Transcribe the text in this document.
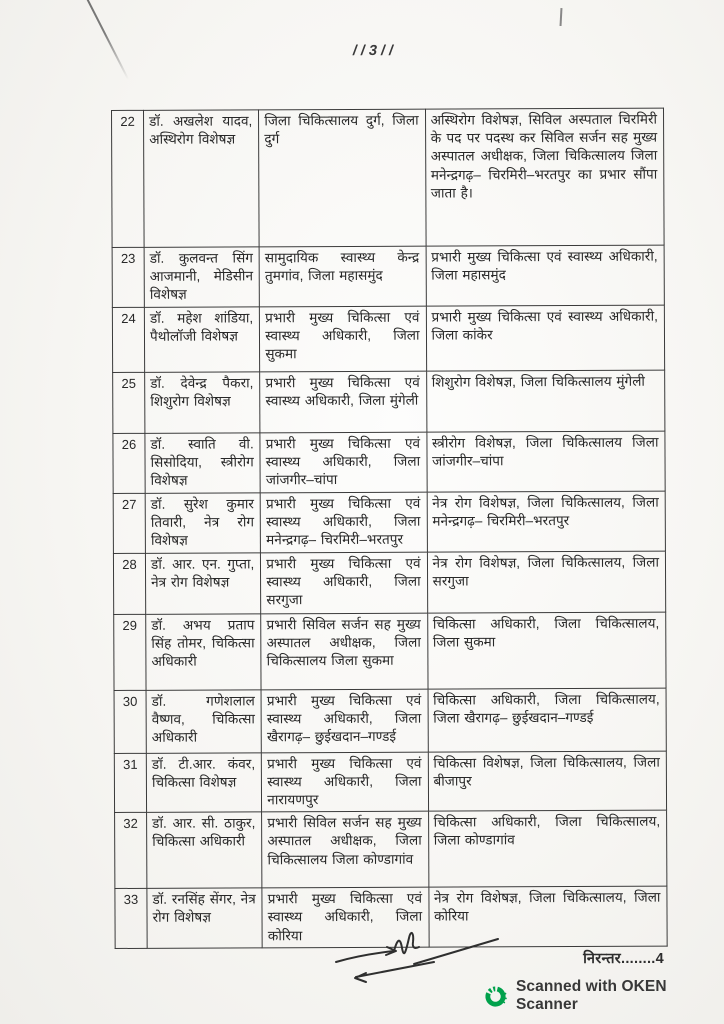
//3//
22	डॉ. अखलेश यादव, अस्थिरोग विशेषज्ञ	जिला चिकित्सालय दुर्ग, जिला दुर्ग	अस्थिरोग विशेषज्ञ, सिविल अस्पताल चिरमिरी के पद पर पदस्थ कर सिविल सर्जन सह मुख्य अस्पातल अधीक्षक, जिला चिकित्सालय जिला मनेन्द्रगढ़– चिरमिरी–भरतपुर का प्रभार सौंपा जाता है।
23	डॉ. कुलवन्त सिंग आजमानी, मेडिसीन विशेषज्ञ	सामुदायिक स्वास्थ्य केन्द्र तुमगांव, जिला महासमुंद	प्रभारी मुख्य चिकित्सा एवं स्वास्थ्य अधिकारी, जिला महासमुंद
24	डॉ. महेश शांडिया, पैथोलॉजी विशेषज्ञ	प्रभारी मुख्य चिकित्सा एवं स्वास्थ्य अधिकारी, जिला सुकमा	प्रभारी मुख्य चिकित्सा एवं स्वास्थ्य अधिकारी, जिला कांकेर
25	डॉ. देवेन्द्र पैकरा, शिशुरोग विशेषज्ञ	प्रभारी मुख्य चिकित्सा एवं स्वास्थ्य अधिकारी, जिला मुंगेली	शिशुरोग विशेषज्ञ, जिला चिकित्सालय मुंगेली
26	डॉ. स्वाति वी. सिसोदिया, स्त्रीरोग विशेषज्ञ	प्रभारी मुख्य चिकित्सा एवं स्वास्थ्य अधिकारी, जिला जांजगीर–चांपा	स्त्रीरोग विशेषज्ञ, जिला चिकित्सालय जिला जांजगीर–चांपा
27	डॉ. सुरेश कुमार तिवारी, नेत्र रोग विशेषज्ञ	प्रभारी मुख्य चिकित्सा एवं स्वास्थ्य अधिकारी, जिला मनेन्द्रगढ़– चिरमिरी–भरतपुर	नेत्र रोग विशेषज्ञ, जिला चिकित्सालय, जिला मनेन्द्रगढ़– चिरमिरी–भरतपुर
28	डॉ. आर. एन. गुप्ता, नेत्र रोग विशेषज्ञ	प्रभारी मुख्य चिकित्सा एवं स्वास्थ्य अधिकारी, जिला सरगुजा	नेत्र रोग विशेषज्ञ, जिला चिकित्सालय, जिला सरगुजा
29	डॉ. अभय प्रताप सिंह तोमर, चिकित्सा अधिकारी	प्रभारी सिविल सर्जन सह मुख्य अस्पातल अधीक्षक, जिला चिकित्सालय जिला सुकमा	चिकित्सा अधिकारी, जिला चिकित्सालय, जिला सुकमा
30	डॉ. गणेशलाल वैष्णव, चिकित्सा अधिकारी	प्रभारी मुख्य चिकित्सा एवं स्वास्थ्य अधिकारी, जिला खैरागढ़– छुईखदान–गण्डई	चिकित्सा अधिकारी, जिला चिकित्सालय, जिला खैरागढ़– छुईखदान–गण्डई
31	डॉ. टी.आर. कंवर, चिकित्सा विशेषज्ञ	प्रभारी मुख्य चिकित्सा एवं स्वास्थ्य अधिकारी, जिला नारायणपुर	चिकित्सा विशेषज्ञ, जिला चिकित्सालय, जिला बीजापुर
32	डॉ. आर. सी. ठाकुर, चिकित्सा अधिकारी	प्रभारी सिविल सर्जन सह मुख्य अस्पातल अधीक्षक, जिला चिकित्सालय जिला कोण्डागांव	चिकित्सा अधिकारी, जिला चिकित्सालय, जिला कोण्डागांव
33	डॉ. रनसिंह सेंगर, नेत्र रोग विशेषज्ञ	प्रभारी मुख्य चिकित्सा एवं स्वास्थ्य अधिकारी, जिला कोरिया	नेत्र रोग विशेषज्ञ, जिला चिकित्सालय, जिला कोरिया
निरन्तर........4
Scanned with OKEN Scanner
